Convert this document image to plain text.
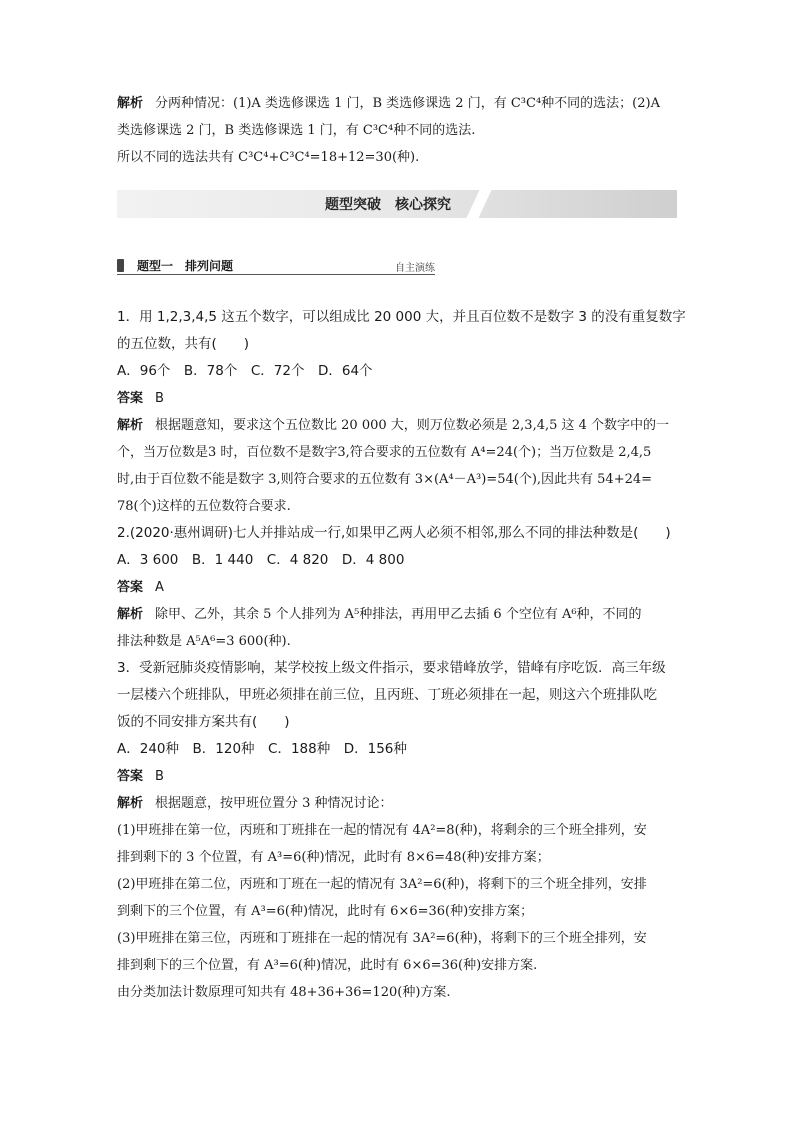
解析 分两种情况：(1)A 类选修课选 1 门，B 类选修课选 2 门，有 C³C⁴种不同的选法；(2)A

类选修课选 2 门，B 类选修课选 1 门，有 C³C⁴种不同的选法.

所以不同的选法共有 C³C⁴+C³C⁴=18+12=30(种).

题型突破　核心探究
题型一　排列问题	自主演练

1．用 1,2,3,4,5 这五个数字，可以组成比 20 000 大，并且百位数不是数字 3 的没有重复数字

的五位数，共有(　　)

A．96个　B．78个　C．72个　D．64个

答案 B

解析 根据题意知，要求这个五位数比 20 000 大，则万位数必须是 2,3,4,5 这 4 个数字中的一

个，当万位数是3 时，百位数不是数字3,符合要求的五位数有 A⁴=24(个)；当万位数是 2,4,5

时,由于百位数不能是数字 3,则符合要求的五位数有 3×(A⁴－A³)=54(个),因此共有 54+24=

78(个)这样的五位数符合要求.

2.(2020·惠州调研)七人并排站成一行,如果甲乙两人必须不相邻,那么不同的排法种数是(　　)

A．3 600　B．1 440　C．4 820　D．4 800

答案 A

解析 除甲、乙外，其余 5 个人排列为 A⁵种排法，再用甲乙去插 6 个空位有 A⁶种，不同的

排法种数是 A⁵A⁶=3 600(种).

3．受新冠肺炎疫情影响，某学校按上级文件指示，要求错峰放学，错峰有序吃饭．高三年级

一层楼六个班排队，甲班必须排在前三位，且丙班、丁班必须排在一起，则这六个班排队吃

饭的不同安排方案共有(　　)

A．240种　B．120种　C．188种　D．156种

答案 B

解析 根据题意，按甲班位置分 3 种情况讨论：

(1)甲班排在第一位，丙班和丁班排在一起的情况有 4A²=8(种)，将剩余的三个班全排列，安

排到剩下的 3 个位置，有 A³=6(种)情况，此时有 8×6=48(种)安排方案；

(2)甲班排在第二位，丙班和丁班在一起的情况有 3A²=6(种)，将剩下的三个班全排列，安排

到剩下的三个位置，有 A³=6(种)情况，此时有 6×6=36(种)安排方案；

(3)甲班排在第三位，丙班和丁班排在一起的情况有 3A²=6(种)，将剩下的三个班全排列，安

排到剩下的三个位置，有 A³=6(种)情况，此时有 6×6=36(种)安排方案.

由分类加法计数原理可知共有 48+36+36=120(种)方案.
